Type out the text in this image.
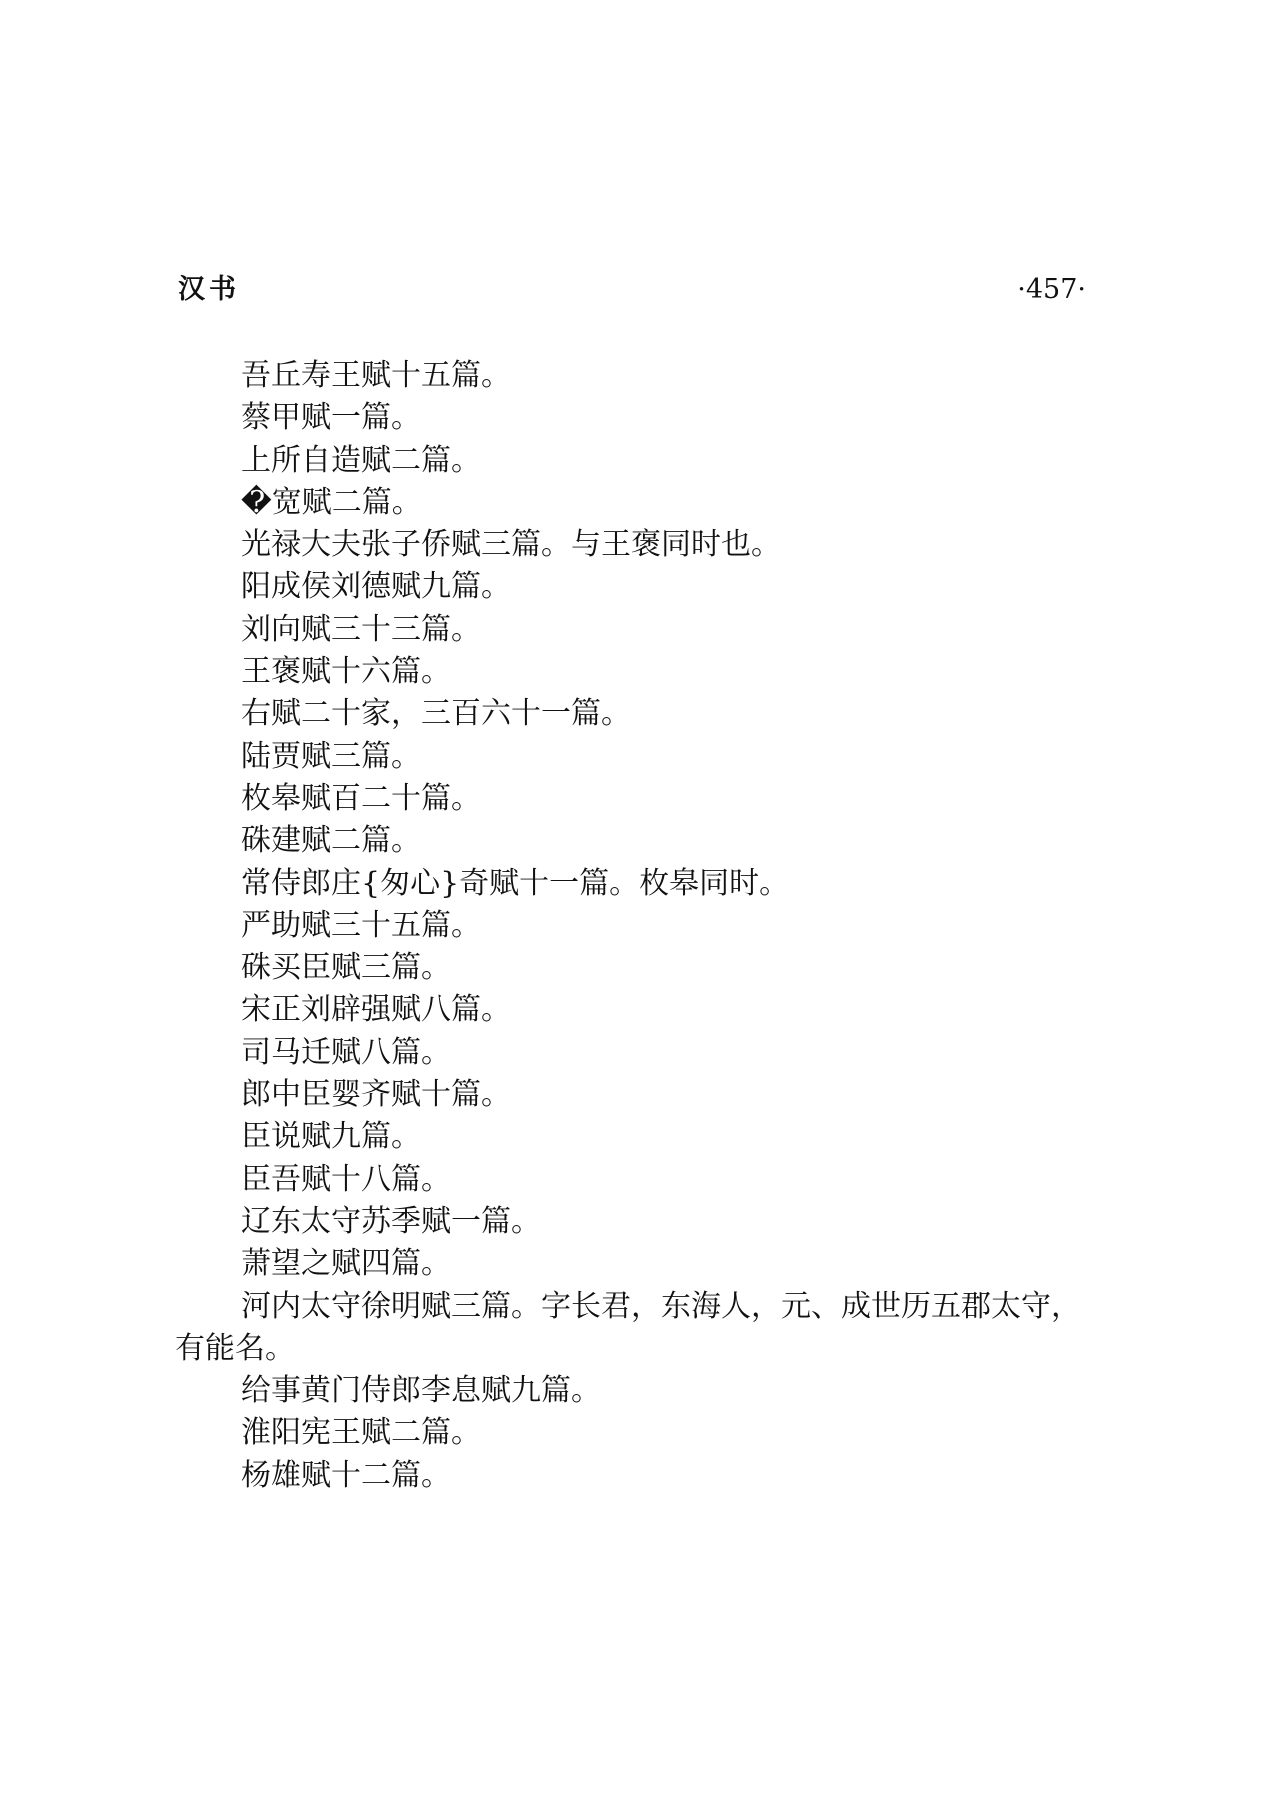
汉书	·457·

吾丘寿王赋十五篇。

蔡甲赋一篇。

上所自造赋二篇。

�宽赋二篇。

光禄大夫张子侨赋三篇。与王褒同时也。

阳成侯刘德赋九篇。

刘向赋三十三篇。

王褒赋十六篇。

右赋二十家，三百六十一篇。

陆贾赋三篇。

枚皋赋百二十篇。

硃建赋二篇。

常侍郎庄{匆心}奇赋十一篇。枚皋同时。

严助赋三十五篇。

硃买臣赋三篇。

宋正刘辟强赋八篇。

司马迁赋八篇。

郎中臣婴齐赋十篇。

臣说赋九篇。

臣吾赋十八篇。

辽东太守苏季赋一篇。

萧望之赋四篇。

河内太守徐明赋三篇。字长君，东海人，元、成世历五郡太守，有能名。

给事黄门侍郎李息赋九篇。

淮阳宪王赋二篇。

杨雄赋十二篇。
